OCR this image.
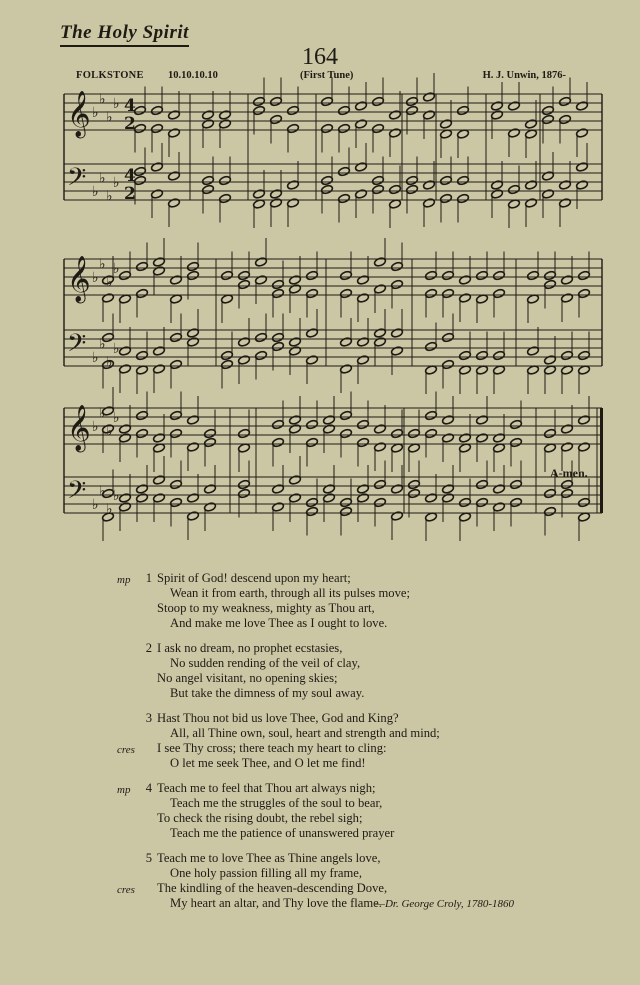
The Holy Spirit
164
FOLKSTONE 10.10.10.10	(First Tune)	H. J. Unwin, 1876-
𝄞 ♭
♭
♭
♭ 4
2
𝄢 ♭
♭
♭
♭ 4
2
𝄞 ♭
♭
♭
♭
𝄢 ♭
♭
♭
♭
𝄞 ♭
♭
♭
♭
𝄢 ♭
♭
♭
♭
A-men.
mp	1 Spirit of God! descend upon my heart;
Wean it from earth, through all its pulses move;
Stoop to my weakness, mighty as Thou art,
And make me love Thee as I ought to love.
2 I ask no dream, no prophet ecstasies,
No sudden rending of the veil of clay,
No angel visitant, no opening skies;
But take the dimness of my soul away.
3 Hast Thou not bid us love Thee, God and King?
All, all Thine own, soul, heart and strength and mind;
cres I see Thy cross; there teach my heart to cling:
O let me seek Thee, and O let me find!
mp	4 Teach me to feel that Thou art always nigh;
Teach me the struggles of the soul to bear,
To check the rising doubt, the rebel sigh;
Teach me the patience of unanswered prayer
5 Teach me to love Thee as Thine angels love,
One holy passion filling all my frame,
cres The kindling of the heaven-descending Dove,
My heart an altar, and Thy love the flame.
—Dr. George Croly, 1780-1860
